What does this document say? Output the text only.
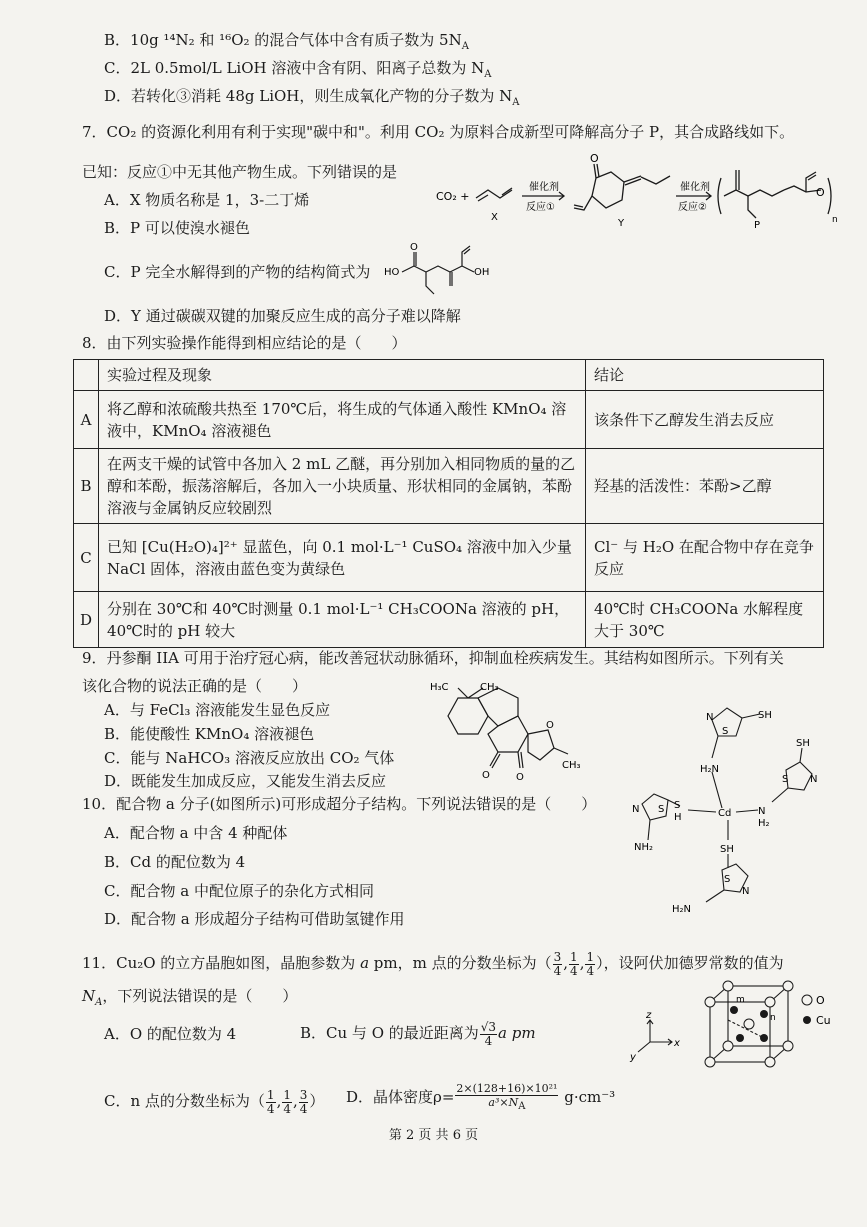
B．10g ¹⁴N₂ 和 ¹⁶O₂ 的混合气体中含有质子数为 $5N_A$
C．2L 0.5mol/L LiOH 溶液中含有阴、阳离子总数为 $N_A$
D．若转化③消耗 48g LiOH，则生成氧化产物的分子数为 $N_A$
7．CO₂ 的资源化利用有利于实现"碳中和"。利用 CO₂ 为原料合成新型可降解高分子 P，其合成路线如下。
已知：反应①中无其他产物生成。下列错误的是
A．X 物质名称是 1，3-二丁烯
B．P 可以使溴水褪色
C．P 完全水解得到的产物的结构简式为
D．Y 通过碳碳双键的加聚反应生成的高分子难以降解
CO₂ +
X
催化剂
反应①
O
Y
催化剂
反应②
P
O
n
HO
O
OH
8．由下列实验操作能得到相应结论的是（　　）
	实验过程及现象	结论
A	将乙醇和浓硫酸共热至 170℃后，将生成的气体通入酸性 KMnO₄ 溶液中，KMnO₄ 溶液褪色	该条件下乙醇发生消去反应
B	在两支干燥的试管中各加入 2 mL 乙醚，再分别加入相同物质的量的乙醇和苯酚，振荡溶解后，各加入一小块质量、形状相同的金属钠，苯酚溶液与金属钠反应较剧烈	羟基的活泼性：苯酚>乙醇
C	已知 [Cu(H₂O)₄]²⁺ 显蓝色，向 0.1 mol·L⁻¹ CuSO₄ 溶液中加入少量 NaCl 固体，溶液由蓝色变为黄绿色	Cl⁻ 与 H₂O 在配合物中存在竞争反应
D	分别在 30℃和 40℃时测量 0.1 mol·L⁻¹ CH₃COONa 溶液的 pH，40℃时的 pH 较大	40℃时 CH₃COONa 水解程度大于 30℃
9．丹参酮 IIA 可用于治疗冠心病，能改善冠状动脉循环，抑制血栓疾病发生。其结构如图所示。下列有关
该化合物的说法正确的是（　　）
A．与 FeCl₃ 溶液能发生显色反应
B．能使酸性 KMnO₄ 溶液褪色
C．能与 NaHCO₃ 溶液反应放出 CO₂ 气体
D．既能发生加成反应，又能发生消去反应
H₃C	CH₃
O
O	O
CH₃
10．配合物 a 分子(如图所示)可形成超分子结构。下列说法错误的是（　　）
A．配合物 a 中含 4 种配体
B．Cd 的配位数为 4
C．配合物 a 中配位原子的杂化方式相同
D．配合物 a 形成超分子结构可借助氢键作用
SH
S
N
H₂N
Cd
SH
S N
N
H₂
S
H
S
N
NH₂	SH
S
N
H₂N
11．Cu₂O 的立方晶胞如图，晶胞参数为 a pm，m 点的分数坐标为（ $\frac{3}{4}$ , $\frac{1}{4}$ , $\frac{1}{4}$ ），设阿伏加德罗常数的值为
$N_A$，下列说法错误的是（　　）
A．O 的配位数为 4	B．Cu 与 O 的最近距离为 $\frac{√3}{4}$ a pm
C．n 点的分数坐标为（ $\frac{1}{4}$ , $\frac{1}{4}$ , $\frac{3}{4}$ ） D．晶体密度$\rho= \frac{\text{2×(128+16)×10²¹}}{a^3\times N_A} g\cdot cm^{-3}$
O
Cu
z
x
y
m
n
第 2 页 共 6 页
